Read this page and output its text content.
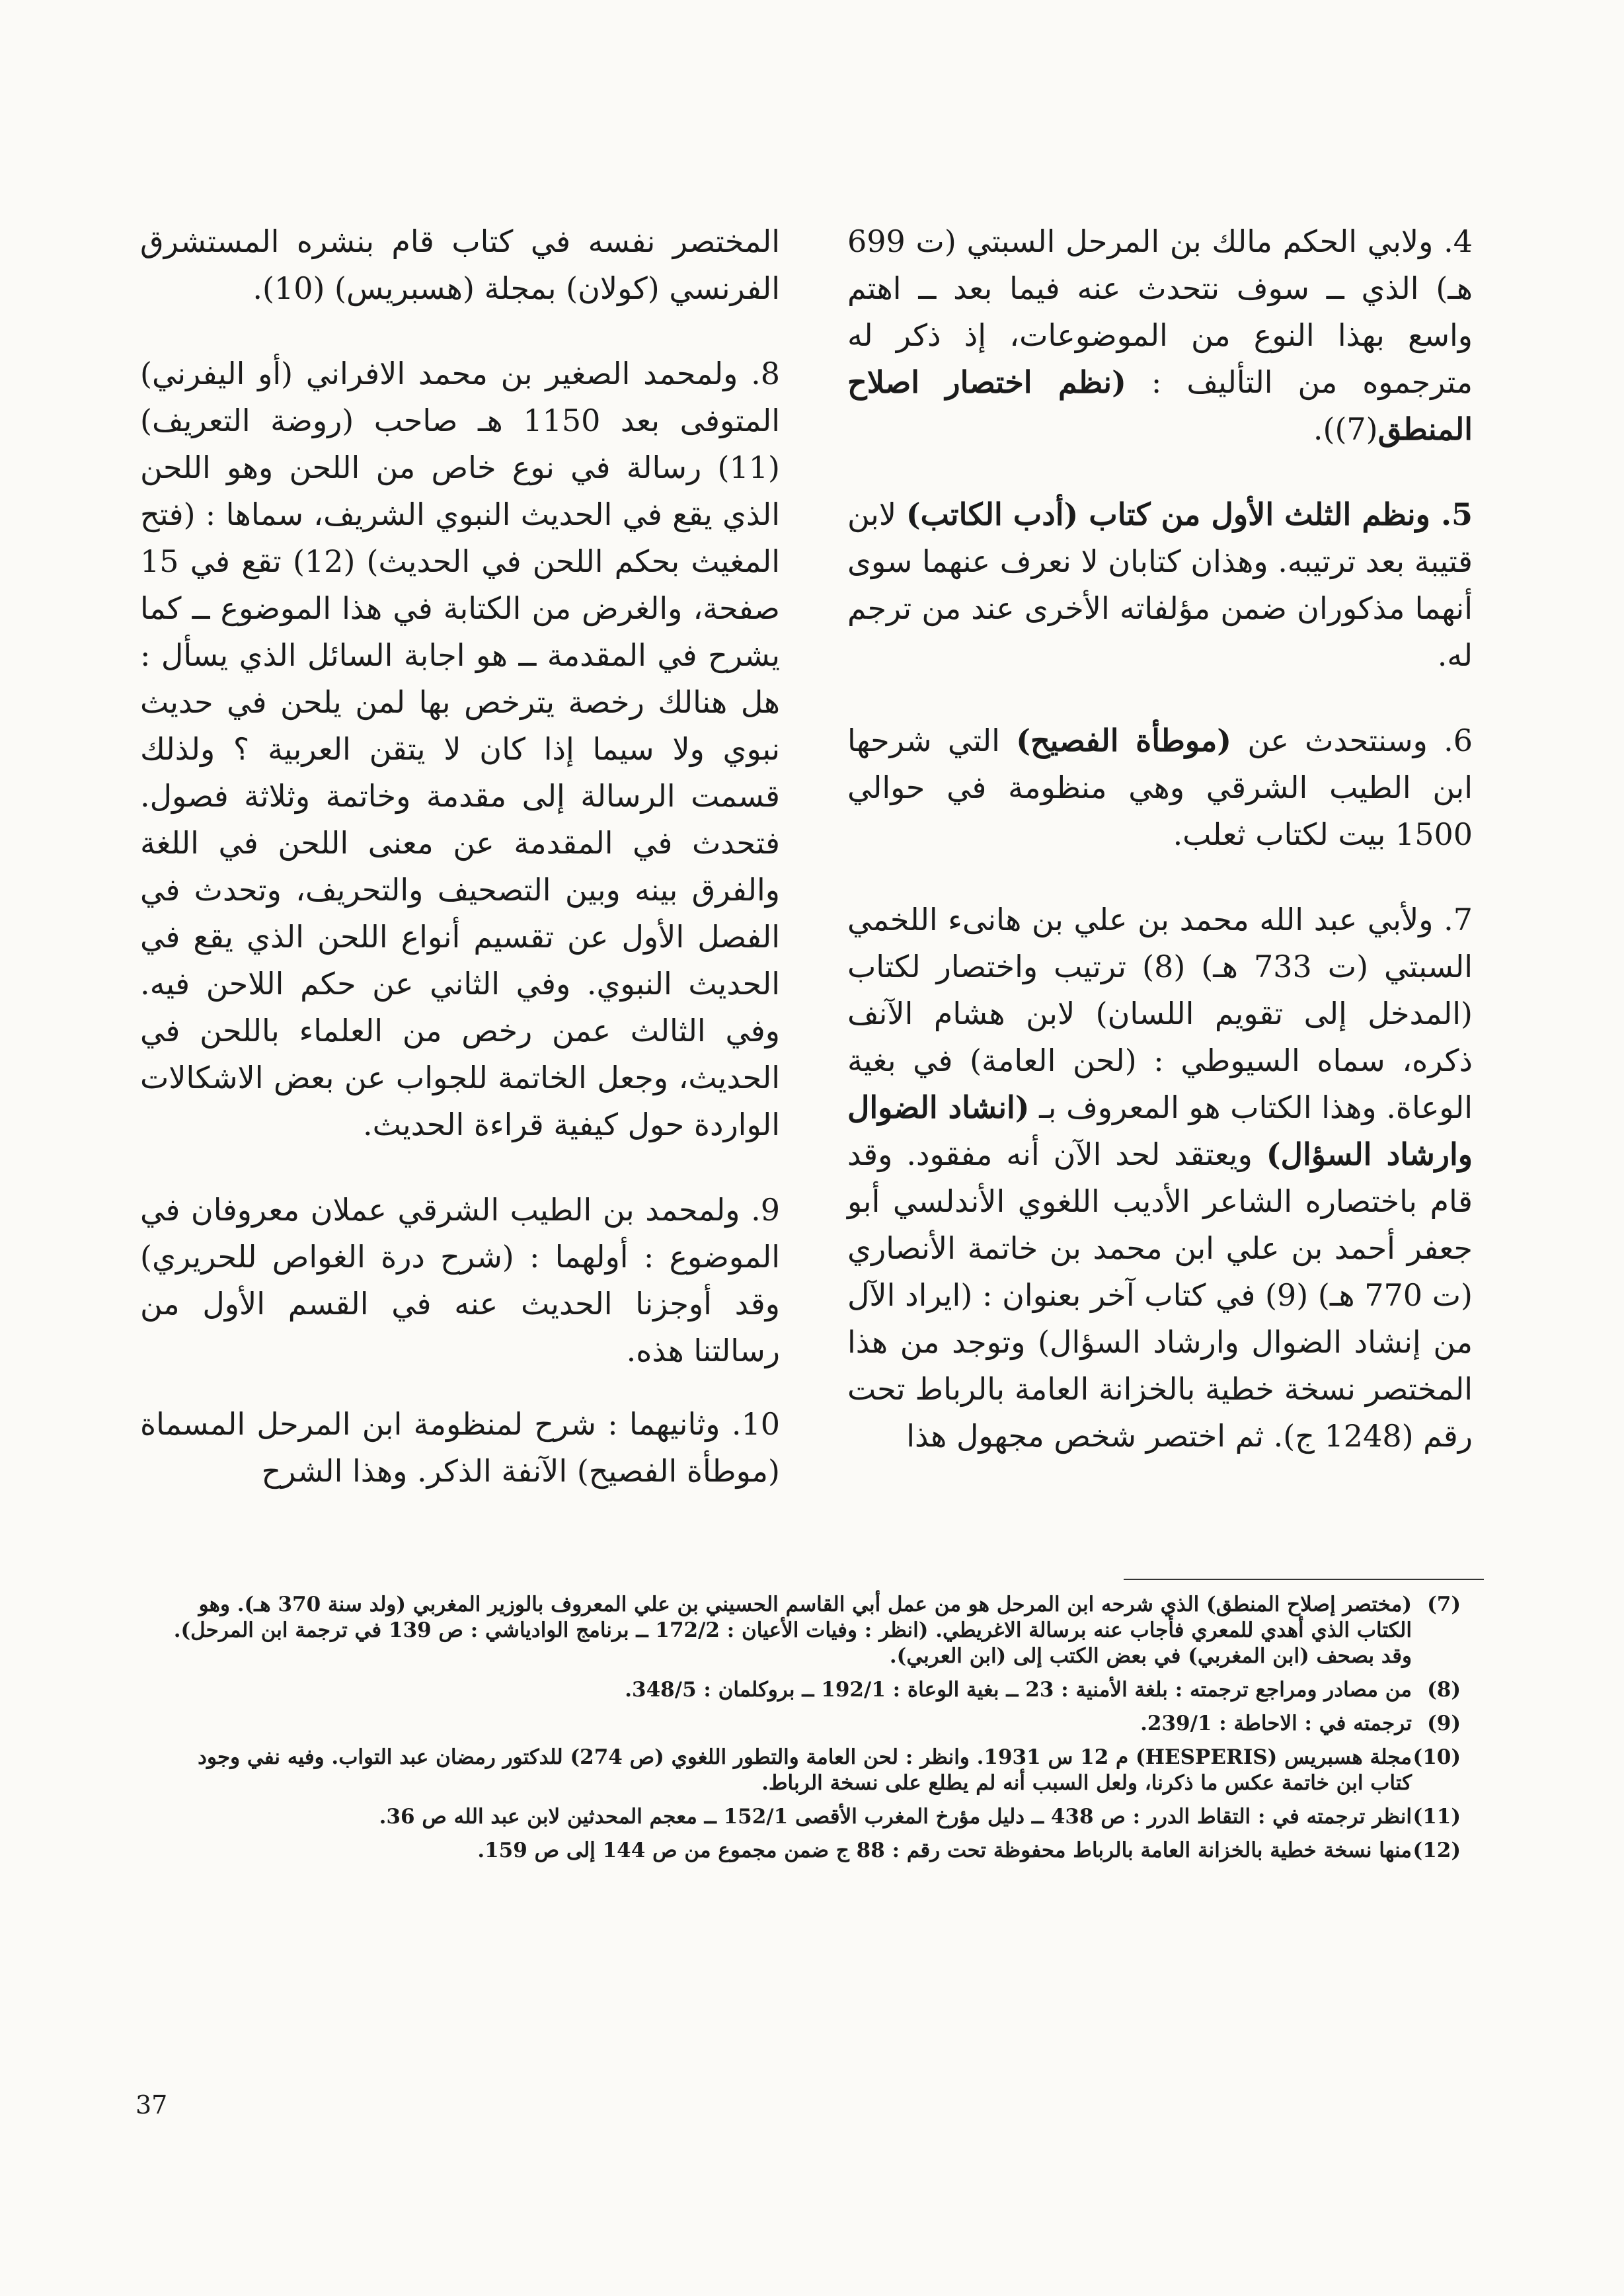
4. ولابي الحكم مالك بن المرحل السبتي (ت 699 هـ) الذي ــ سوف نتحدث عنه فيما بعد ــ اهتم واسع بهذا النوع من الموضوعات، إذ ذكر له مترجموه من التأليف : (نظم اختصار اصلاح المنطق(7)).

5. ونظم الثلث الأول من كتاب (أدب الكاتب) لابن قتيبة بعد ترتيبه. وهذان كتابان لا نعرف عنهما سوى أنهما مذكوران ضمن مؤلفاته الأخرى عند من ترجم له.

6. وسنتحدث عن (موطأة الفصيح) التي شرحها ابن الطيب الشرقي وهي منظومة في حوالي 1500 بيت لكتاب ثعلب.

7. ولأبي عبد الله محمد بن علي بن هانىء اللخمي السبتي (ت 733 هـ) (8) ترتيب واختصار لكتاب (المدخل إلى تقويم اللسان) لابن هشام الآنف ذكره، سماه السيوطي : (لحن العامة) في بغية الوعاة. وهذا الكتاب هو المعروف بـ (انشاد الضوال وارشاد السؤال) ويعتقد لحد الآن أنه مفقود. وقد قام باختصاره الشاعر الأديب اللغوي الأندلسي أبو جعفر أحمد بن علي ابن محمد بن خاتمة الأنصاري (ت 770 هـ) (9) في كتاب آخر بعنوان : (ايراد الآل من إنشاد الضوال وارشاد السؤال) وتوجد من هذا المختصر نسخة خطية بالخزانة العامة بالرباط تحت رقم (1248 ج). ثم اختصر شخص مجهول هذا

المختصر نفسه في كتاب قام بنشره المستشرق الفرنسي (كولان) بمجلة (هسبريس) (10).

8. ولمحمد الصغير بن محمد الافراني (أو اليفرني) المتوفى بعد 1150 هـ صاحب (روضة التعريف) (11) رسالة في نوع خاص من اللحن وهو اللحن الذي يقع في الحديث النبوي الشريف، سماها : (فتح المغيث بحكم اللحن في الحديث) (12) تقع في 15 صفحة، والغرض من الكتابة في هذا الموضوع ــ كما يشرح في المقدمة ــ هو اجابة السائل الذي يسأل : هل هنالك رخصة يترخص بها لمن يلحن في حديث نبوي ولا سيما إذا كان لا يتقن العربية ؟ ولذلك قسمت الرسالة إلى مقدمة وخاتمة وثلاثة فصول. فتحدث في المقدمة عن معنى اللحن في اللغة والفرق بينه وبين التصحيف والتحريف، وتحدث في الفصل الأول عن تقسيم أنواع اللحن الذي يقع في الحديث النبوي. وفي الثاني عن حكم اللاحن فيه. وفي الثالث عمن رخص من العلماء باللحن في الحديث، وجعل الخاتمة للجواب عن بعض الاشكالات الواردة حول كيفية قراءة الحديث.

9. ولمحمد بن الطيب الشرقي عملان معروفان في الموضوع : أولهما : (شرح درة الغواص للحريري) وقد أوجزنا الحديث عنه في القسم الأول من رسالتنا هذه.

10. وثانيهما : شرح لمنظومة ابن المرحل المسماة (موطأة الفصيح) الآنفة الذكر. وهذا الشرح

(7)
(مختصر إصلاح المنطق) الذي شرحه ابن المرحل هو من عمل أبي القاسم الحسيني بن علي المعروف بالوزير المغربي (ولد سنة 370 هـ). وهو الكتاب الذي أهدي للمعري فأجاب عنه برسالة الاغريطي. (انظر : وفيات الأعيان : 172/2 ــ برنامج الوادياشي : ص 139 في ترجمة ابن المرحل). وقد بصحف (ابن المغربي) في بعض الكتب إلى (ابن العربي).
(8)
من مصادر ومراجع ترجمته : بلغة الأمنية : 23 ــ بغية الوعاة : 192/1 ــ بروكلمان : 348/5.
(9)
ترجمته في : الاحاطة : 239/1.
(10)
مجلة هسبريس (HESPERIS) م 12 س 1931. وانظر : لحن العامة والتطور اللغوي (ص 274) للدكتور رمضان عبد التواب. وفيه نفي وجود كتاب ابن خاتمة عكس ما ذكرنا، ولعل السبب أنه لم يطلع على نسخة الرباط.
(11)
انظر ترجمته في : التقاط الدرر : ص 438 ــ دليل مؤرخ المغرب الأقصى 152/1 ــ معجم المحدثين لابن عبد الله ص 36.
(12)
منها نسخة خطية بالخزانة العامة بالرباط محفوظة تحت رقم : 88 ج ضمن مجموع من ص 144 إلى ص 159.
37
